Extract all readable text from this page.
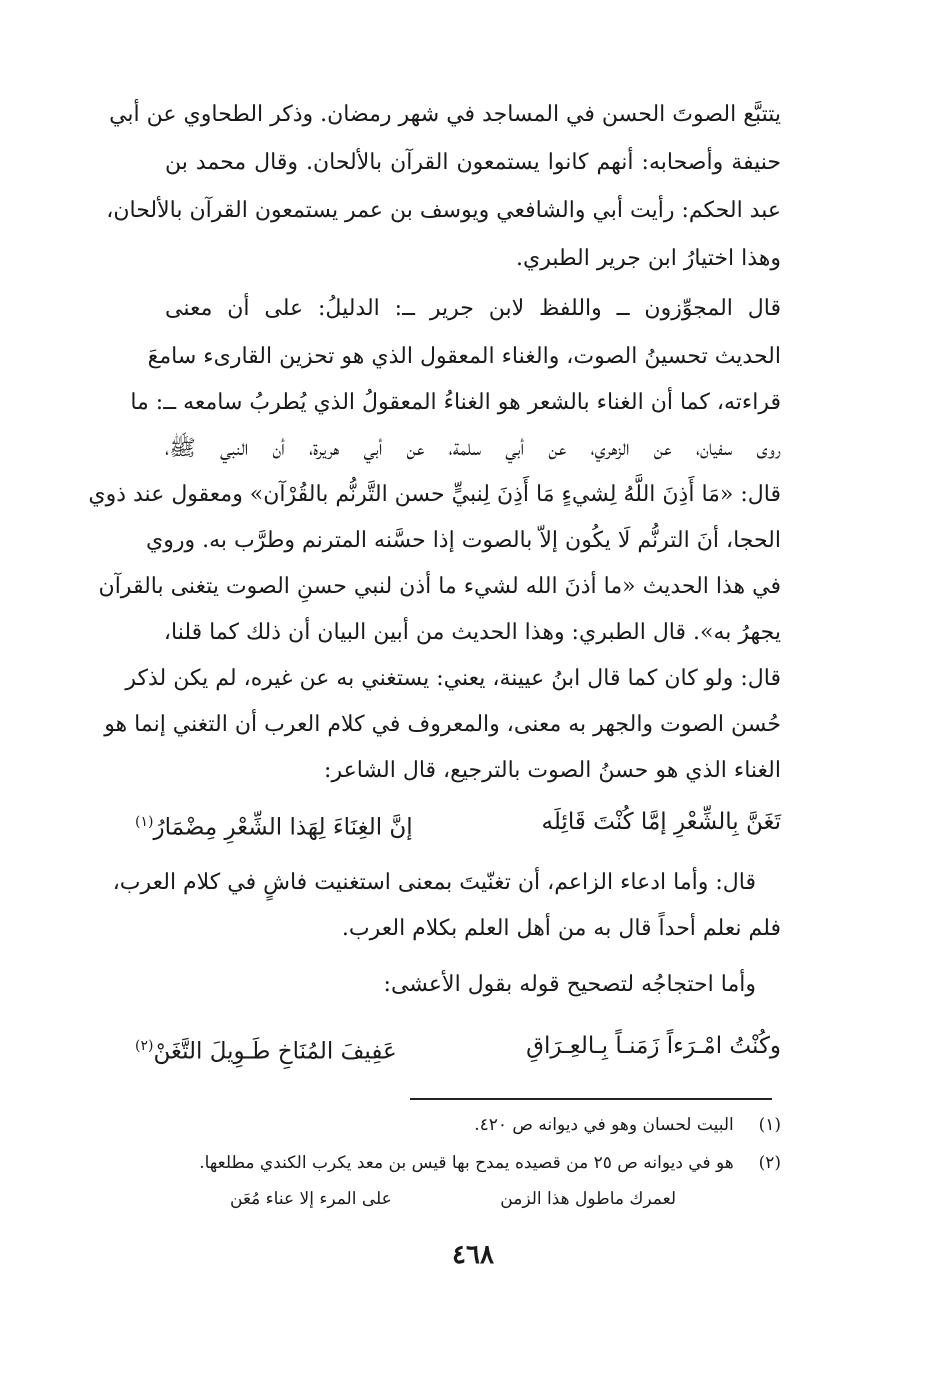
يتتبَّع الصوتَ الحسن في المساجد في شهر رمضان. وذكر الطحاوي عن أبي
حنيفة وأصحابه: أنهم كانوا يستمعون القرآن بالألحان. وقال محمد بن
عبد الحكم: رأيت أبي والشافعي ويوسف بن عمر يستمعون القرآن بالألحان،
وهذا اختيارُ ابن جرير الطبري.
قال المجوِّزون ــ واللفظ لابن جرير ــ: الدليلُ: على أن معنى
الحديث تحسينُ الصوت، والغناء المعقول الذي هو تحزين القارىء سامعَ
قراءته، كما أن الغناء بالشعر هو الغناءُ المعقولُ الذي يُطربُ سامعه ــ: ما
روى سفيان، عن الزهري، عن أبي سلمة، عن أبي هريرة، أن النبي ﷺ،
قال: «مَا أَذِنَ اللَّهُ لِشيءٍ مَا أَذِنَ لِنبيٍّ حسن التَّرنُّم بالقُرْآن» ومعقول عند ذوي
الحجا، أنَ الترنُّم لَا يكُون إلاّ بالصوت إذا حسَّنه المترنم وطرَّب به. وروي
في هذا الحديث «ما أذنَ الله لشيء ما أذن لنبي حسنِ الصوت يتغنى بالقرآن
يجهرُ به». قال الطبري: وهذا الحديث من أبين البيان أن ذلك كما قلنا،
قال: ولو كان كما قال ابنُ عيينة، يعني: يستغني به عن غيره، لم يكن لذكر
حُسن الصوت والجهر به معنى، والمعروف في كلام العرب أن التغني إنما هو
الغناء الذي هو حسنُ الصوت بالترجيع، قال الشاعر:
تَغَنَّ بِالشِّعْرِ إمَّا كُنْتَ قَائِلَه
إنَّ الغِنَاءَ لِهَذا الشِّعْرِ مِضْمَارُ$^{(١)}$
قال: وأما ادعاء الزاعم، أن تغنّيتَ بمعنى استغنيت فاشٍ في كلام العرب،
فلم نعلم أحداً قال به من أهل العلم بكلام العرب.
وأما احتجاجُه لتصحيح قوله بقول الأعشى:
وكُنْتُ امْـرَءاً زَمَنـاً بِـالعِـرَاقِ
عَفِيفَ المُنَاخِ طَـوِيلَ التَّغَنْ$^{(٢)}$
(١)  البيت لحسان وهو في ديوانه ص ٤٢٠.
(٢)  هو في ديوانه ص ٢٥ من قصيده يمدح بها قيس بن معد يكرب الكندي مطلعها.
لعمرك ماطول هذا الزمن
على المرء إلا عناء مُعَن
٤٦٨
